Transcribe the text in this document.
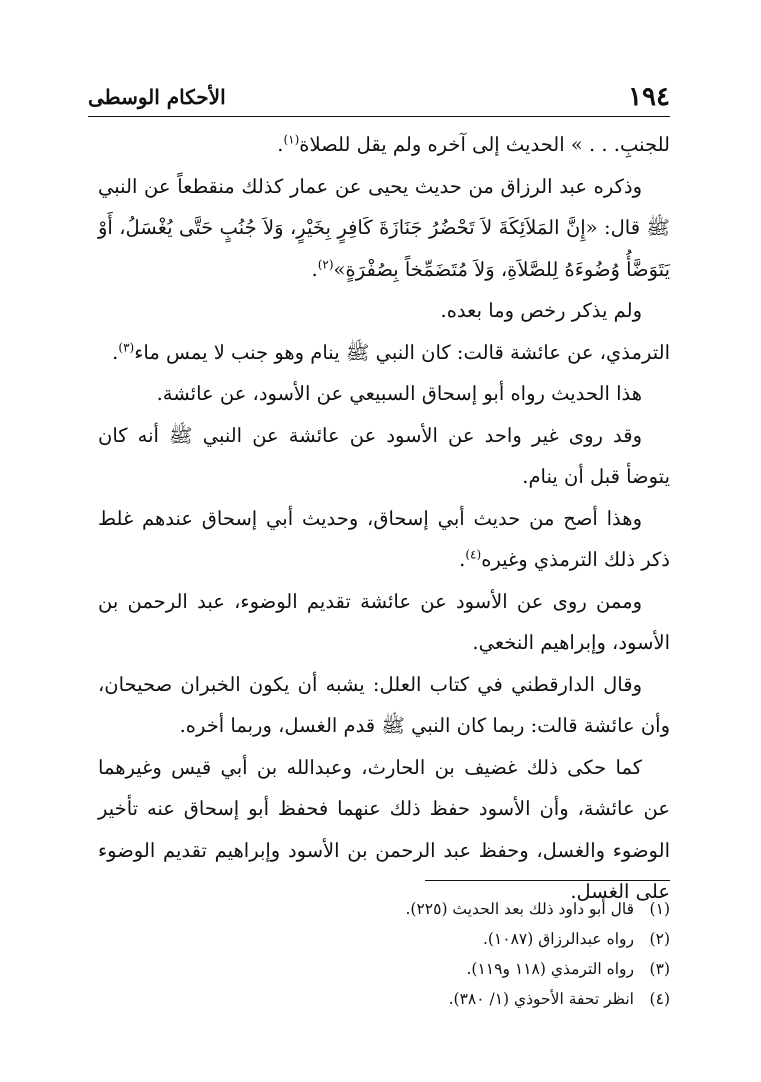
١٩٤
الأحكام الوسطى

للجنبِ. . . » الحديث إلى آخره ولم يقل للصلاة$^{(١)}$.

وذكره عبد الرزاق من حديث يحيى عن عمار كذلك منقطعاً عن النبي ﷺ قال: «إِنَّ المَلاَئِكَةَ لاَ تَحْضُرُ جَنَازَةَ كَافِرٍ بِخَيْرٍ، وَلاَ جُنُبٍ حَتَّى يُغْسَلُ، أَوْ يَتَوَضَّأُ وُضُوءَهُ لِلصَّلاَةِ، وَلاَ مُتَضَمِّخاً بِصُفْرَةٍ»$^{(٢)}$.

ولم يذكر رخص وما بعده.

الترمذي، عن عائشة قالت: كان النبي ﷺ ينام وهو جنب لا يمس ماء$^{(٣)}$.

هذا الحديث رواه أبو إسحاق السبيعي عن الأسود، عن عائشة.

وقد روى غير واحد عن الأسود عن عائشة عن النبي ﷺ أنه كان يتوضأ قبل أن ينام.

وهذا أصح من حديث أبي إسحاق، وحديث أبي إسحاق عندهم غلط ذكر ذلك الترمذي وغيره$^{(٤)}$.

وممن روى عن الأسود عن عائشة تقديم الوضوء، عبد الرحمن بن الأسود، وإبراهيم النخعي.

وقال الدارقطني في كتاب العلل: يشبه أن يكون الخبران صحيحان، وأن عائشة قالت: ربما كان النبي ﷺ قدم الغسل، وربما أخره.

كما حكى ذلك غضيف بن الحارث، وعبدالله بن أبي قيس وغيرهما عن عائشة، وأن الأسود حفظ ذلك عنهما فحفظ أبو إسحاق عنه تأخير الوضوء والغسل، وحفظ عبد الرحمن بن الأسود وإبراهيم تقديم الوضوء على الغسل.

(١)
قال أبو داود ذلك بعد الحديث (٢٢٥).
(٢)
رواه عبدالرزاق (١٠٨٧).
(٣)
رواه الترمذي (١١٨ و١١٩).
(٤)
انظر تحفة الأحوذي (١/ ٣٨٠).
